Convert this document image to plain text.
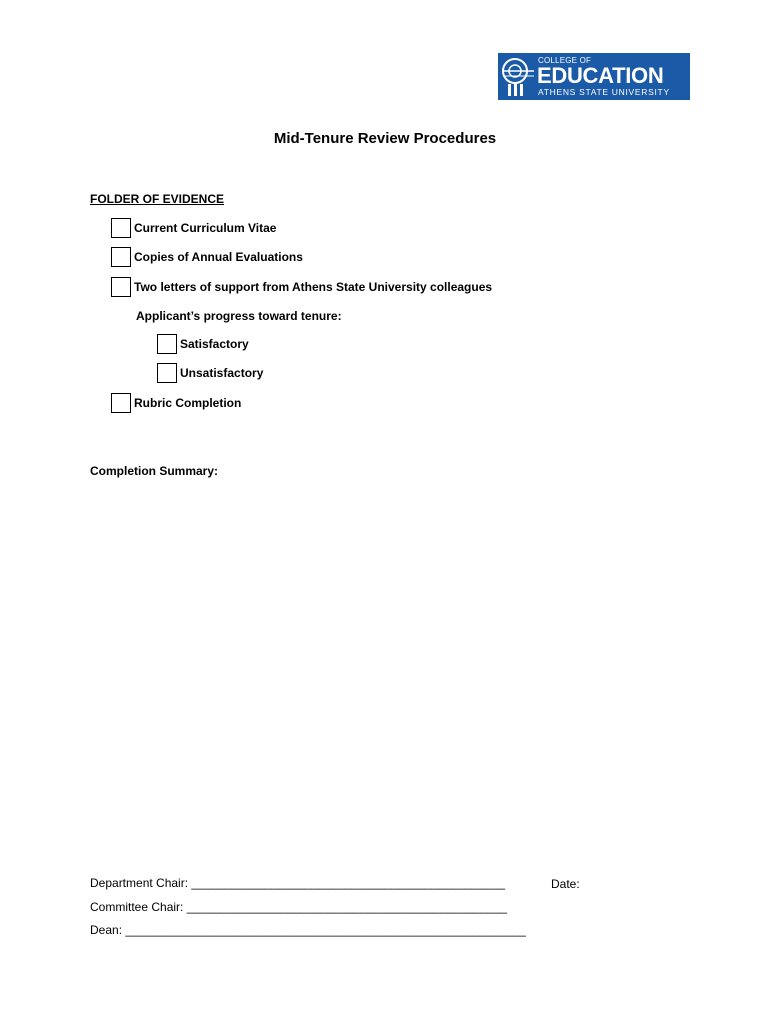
COLLEGE OF
EDUCATION
ATHENS STATE UNIVERSITY
Mid-Tenure Review Procedures
FOLDER OF EVIDENCE
Current Curriculum Vitae
Copies of Annual Evaluations
Two letters of support from Athens State University colleagues
Applicant’s progress toward tenure:
Satisfactory
Unsatisfactory
Rubric Completion
Completion Summary:
Department Chair: _______________________________________________	Date:
Committee Chair: ________________________________________________
Dean: ____________________________________________________________
